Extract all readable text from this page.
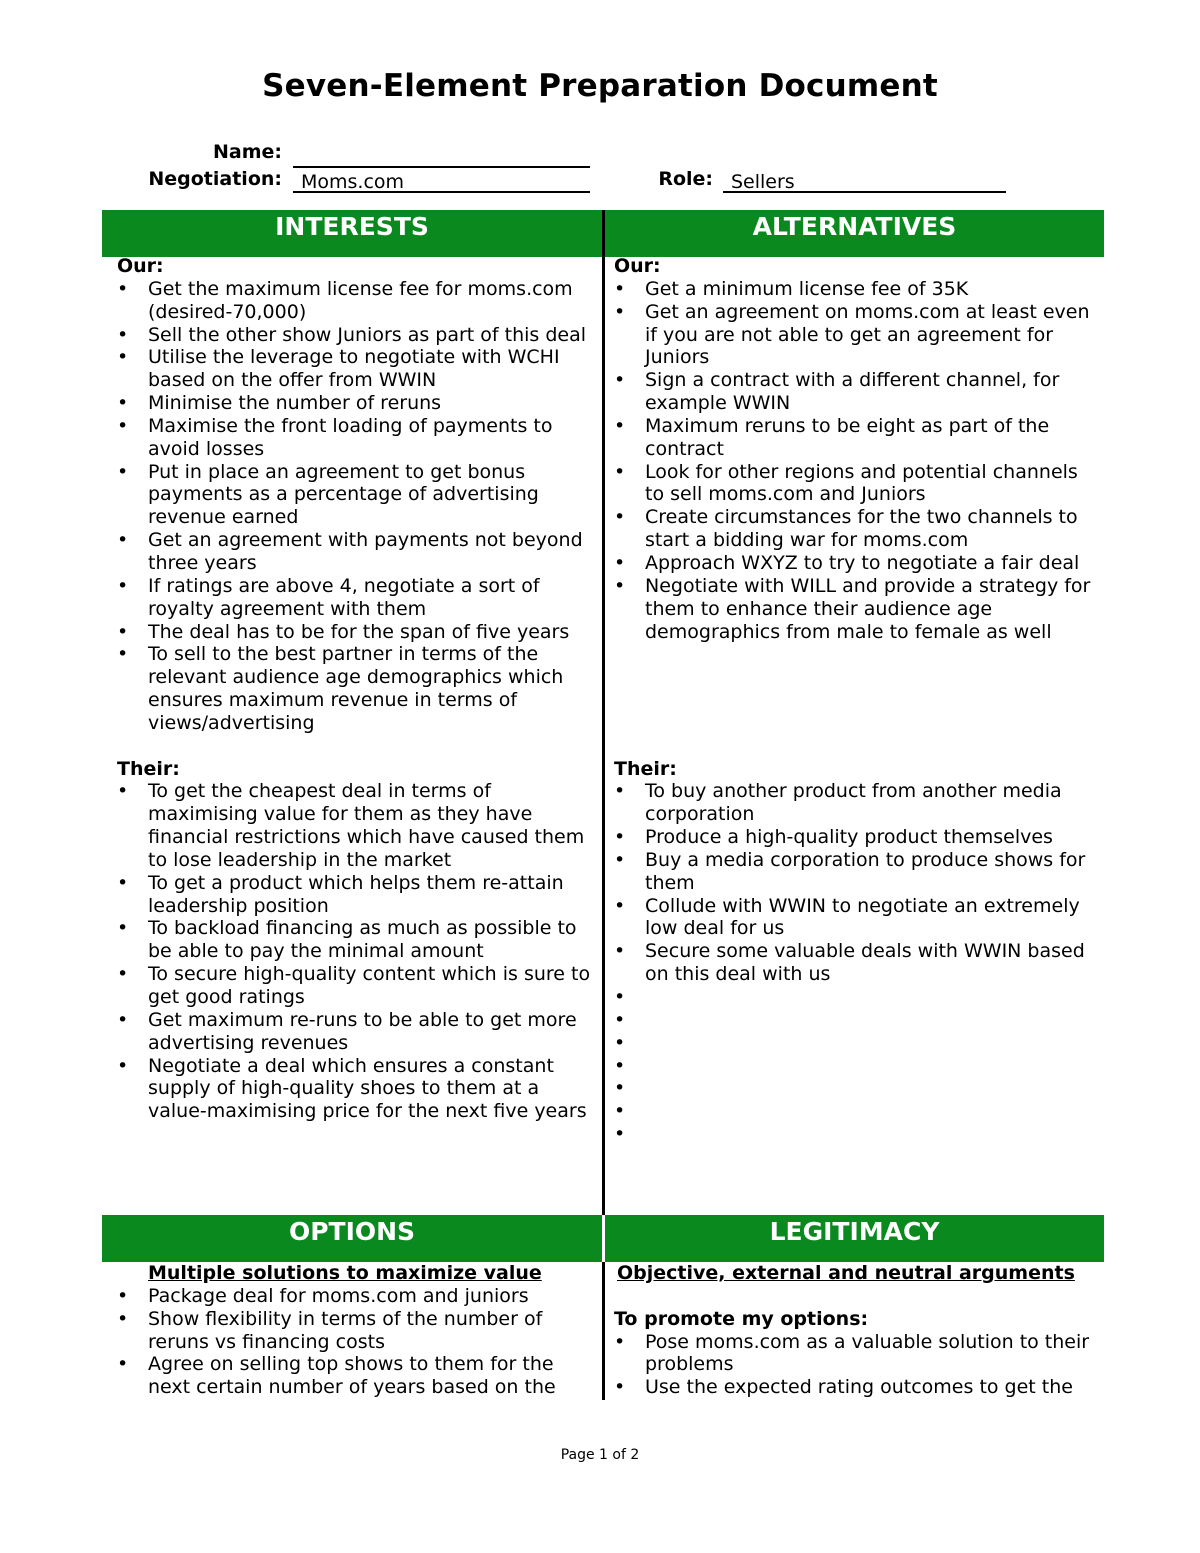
Seven-Element Preparation Document
Name:
Negotiation:	Moms.com	Role: Sellers
INTERESTS	ALTERNATIVES
Our:
• Get the maximum license fee for moms.com (desired-70,000)
• Sell the other show Juniors as part of this deal
• Utilise the leverage to negotiate with WCHI based on the offer from WWIN
• Minimise the number of reruns
• Maximise the front loading of payments to avoid losses
• Put in place an agreement to get bonus payments as a percentage of advertising revenue earned
• Get an agreement with payments not beyond three years
• If ratings are above 4, negotiate a sort of royalty agreement with them
• The deal has to be for the span of five years
• To sell to the best partner in terms of the relevant audience age demographics which ensures maximum revenue in terms of views/advertising
Their:
• To get the cheapest deal in terms of maximising value for them as they have financial restrictions which have caused them to lose leadership in the market
• To get a product which helps them re-attain leadership position
• To backload financing as much as possible to be able to pay the minimal amount
• To secure high-quality content which is sure to get good ratings
• Get maximum re-runs to be able to get more advertising revenues
• Negotiate a deal which ensures a constant supply of high-quality shoes to them at a value-maximising price for the next five years
Our:
• Get a minimum license fee of 35K
• Get an agreement on moms.com at least even if you are not able to get an agreement for Juniors
• Sign a contract with a different channel, for example WWIN
• Maximum reruns to be eight as part of the contract
• Look for other regions and potential channels to sell moms.com and Juniors
• Create circumstances for the two channels to start a bidding war for moms.com
• Approach WXYZ to try to negotiate a fair deal
• Negotiate with WILL and provide a strategy for them to enhance their audience age demographics from male to female as well
Their:
• To buy another product from another media corporation
• Produce a high-quality product themselves
• Buy a media corporation to produce shows for them
• Collude with WWIN to negotiate an extremely low deal for us
• Secure some valuable deals with WWIN based on this deal with us
•
•
•
•
•
•
•
OPTIONS	LEGITIMACY
Multiple solutions to maximize value
• Package deal for moms.com and juniors
• Show flexibility in terms of the number of reruns vs financing costs
• Agree on selling top shows to them for the next certain number of years based on the
Objective, external and neutral arguments
To promote my options:
• Pose moms.com as a valuable solution to their problems
• Use the expected rating outcomes to get the
Page 1 of 2
